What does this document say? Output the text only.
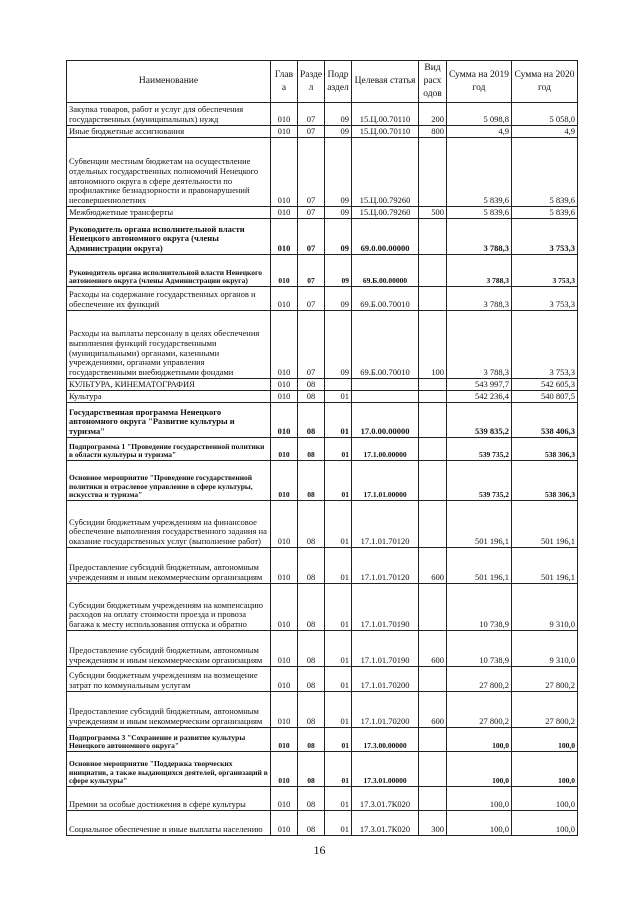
Наименование	Глав а	Разде л	Подр аздел	Целевая статья	Вид расх одов	Сумма на 2019 год	Сумма на 2020 год
Закупка товаров, работ и услуг для обеспечения государственных (муниципальных) нужд	010	07	09	15.Ц.00.70110	200	5 098,8	5 058,0
Иные бюджетные ассигнования	010	07	09	15.Ц.00.70110	800	4,9	4,9
Субвенции местным бюджетам на осуществление отдельных государственных полномочий Ненецкого автономного округа в сфере деятельности по профилактике безнадзорности и правонарушений несовершеннолетних	010	07	09	15.Ц.00.79260		5 839,6	5 839,6
Межбюджетные трансферты	010	07	09	15.Ц.00.79260	500	5 839,6	5 839,6
Руководитель органа исполнительной власти Ненецкого автономного округа (члены Администрации округа)	010	07	09	69.0.00.00000		3 788,3	3 753,3
Руководитель органа исполнительной власти Ненецкого автономного округа (члены Администрации округа)	010	07	09	69.Б.00.00000		3 788,3	3 753,3
Расходы на содержание государственных органов и обеспечение их функций	010	07	09	69.Б.00.70010		3 788,3	3 753,3
Расходы на выплаты персоналу в целях обеспечения выполнения функций государственными (муниципальными) органами, казенными учреждениями, органами управления государственными внебюджетными фондами	010	07	09	69.Б.00.70010	100	3 788,3	3 753,3
КУЛЬТУРА, КИНЕМАТОГРАФИЯ	010	08				543 997,7	542 605,3
Культура	010	08	01			542 236,4	540 807,5
Государственная программа Ненецкого автономного округа "Развитие культуры и туризма"	010	08	01	17.0.00.00000		539 835,2	538 406,3
Подпрограмма 1 "Проведение государственной политики в области культуры и туризма"	010	08	01	17.1.00.00000		539 735,2	538 306,3
Основное мероприятие "Проведение государственной политики и отраслевое управление в сфере культуры, искусства и туризма"	010	08	01	17.1.01.00000		539 735,2	538 306,3
Субсидии бюджетным учреждениям на финансовое обеспечение выполнения государственного задания на оказание государственных услуг (выполнение работ)	010	08	01	17.1.01.70120		501 196,1	501 196,1
Предоставление субсидий бюджетным, автономным учреждениям и иным некоммерческим организациям	010	08	01	17.1.01.70120	600	501 196,1	501 196,1
Субсидии бюджетным учреждениям на компенсацию расходов на оплату стоимости проезда и провоза багажа к месту использования отпуска и обратно	010	08	01	17.1.01.70190		10 738,9	9 310,0
Предоставление субсидий бюджетным, автономным учреждениям и иным некоммерческим организациям	010	08	01	17.1.01.70190	600	10 738,9	9 310,0
Субсидии бюджетным учреждениям на возмещение затрат по коммунальным услугам	010	08	01	17.1.01.70200		27 800,2	27 800,2
Предоставление субсидий бюджетным, автономным учреждениям и иным некоммерческим организациям	010	08	01	17.1.01.70200	600	27 800,2	27 800,2
Подпрограмма 3 "Сохранение и развитие культуры Ненецкого автономного округа"	010	08	01	17.3.00.00000		100,0	100,0
Основное мероприятие "Поддержка творческих инициатив, а также выдающихся деятелей, организаций в сфере культуры"	010	08	01	17.3.01.00000		100,0	100,0
Премии за особые достижения в сфере культуры	010	08	01	17.3.01.7К020		100,0	100,0
Социальное обеспечение и иные выплаты населению	010	08	01	17.3.01.7К020	300	100,0	100,0
16
